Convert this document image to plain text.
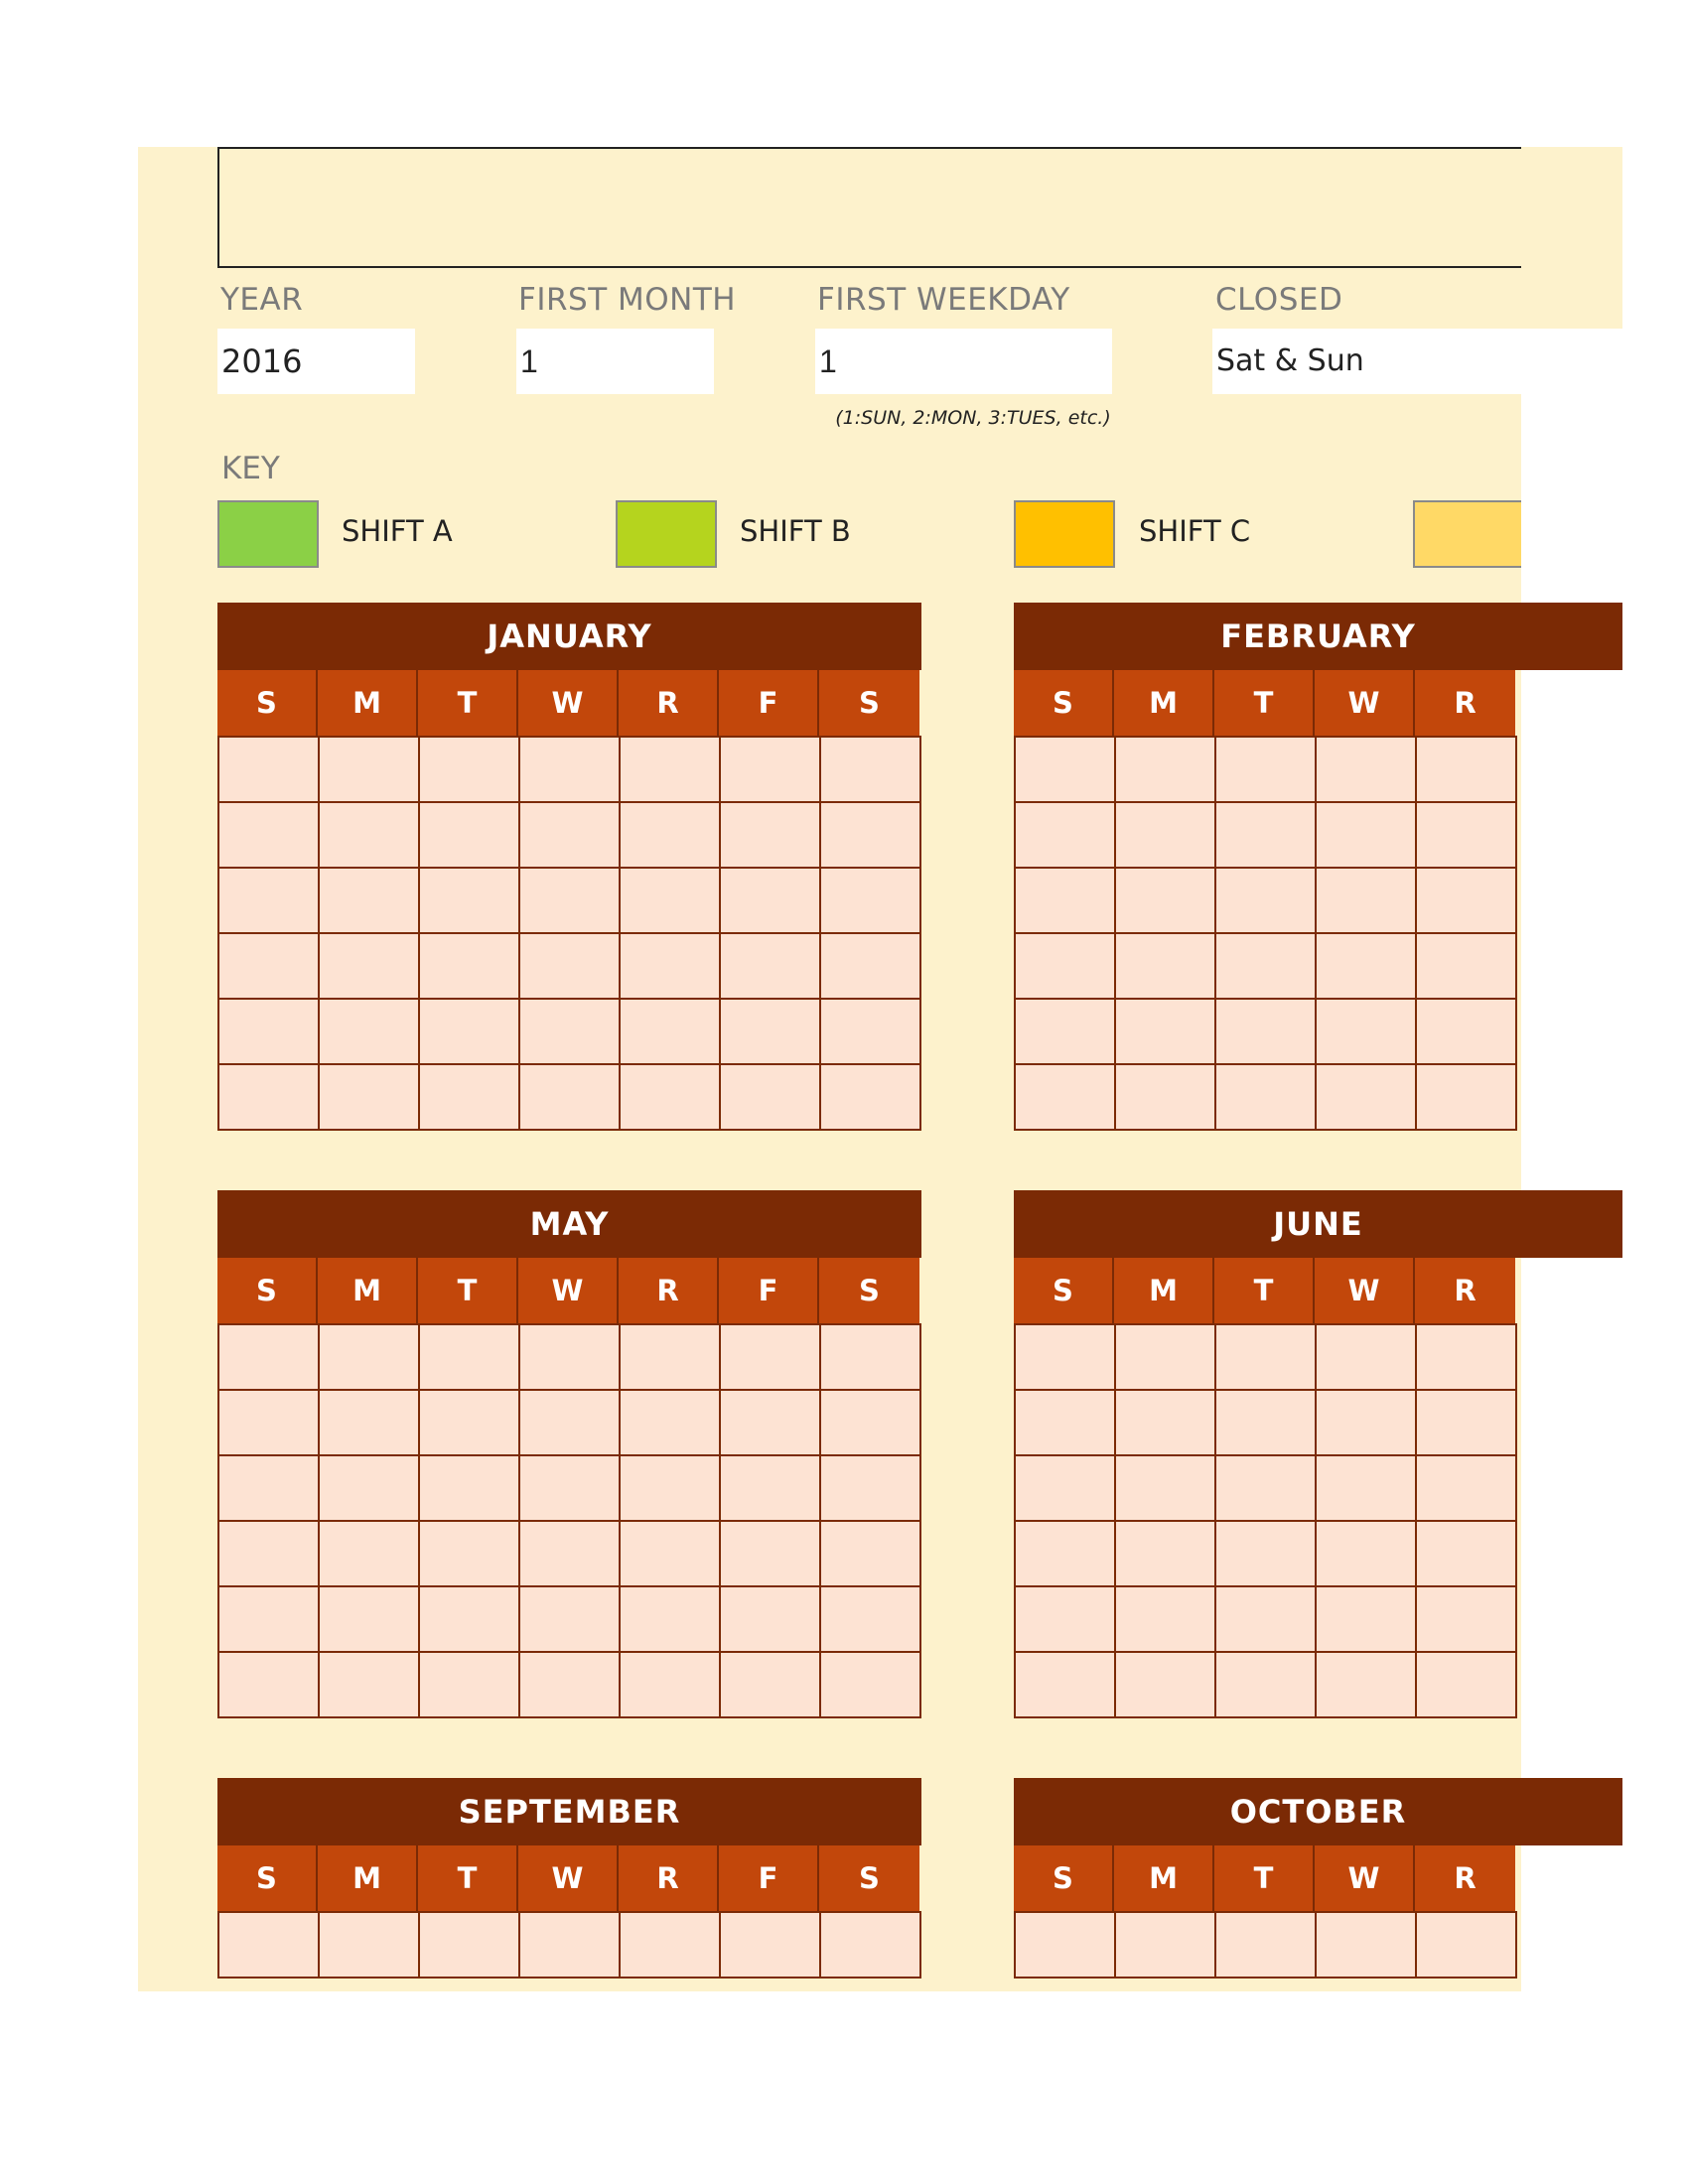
YEAR	FIRST MONTH	FIRST WEEKDAY	CLOSED
2016	1	1	Sat & Sun
(1:SUN, 2:MON, 3:TUES, etc.)
KEY
SHIFT A	SHIFT B	SHIFT C
JANUARY
S	M	T	W	R	F	S
FEBRUARY
S	M	T	W	R
MAY
S	M	T	W	R	F	S
JUNE
S	M	T	W	R
SEPTEMBER
S	M	T	W	R	F	S
OCTOBER
S	M	T	W	R
